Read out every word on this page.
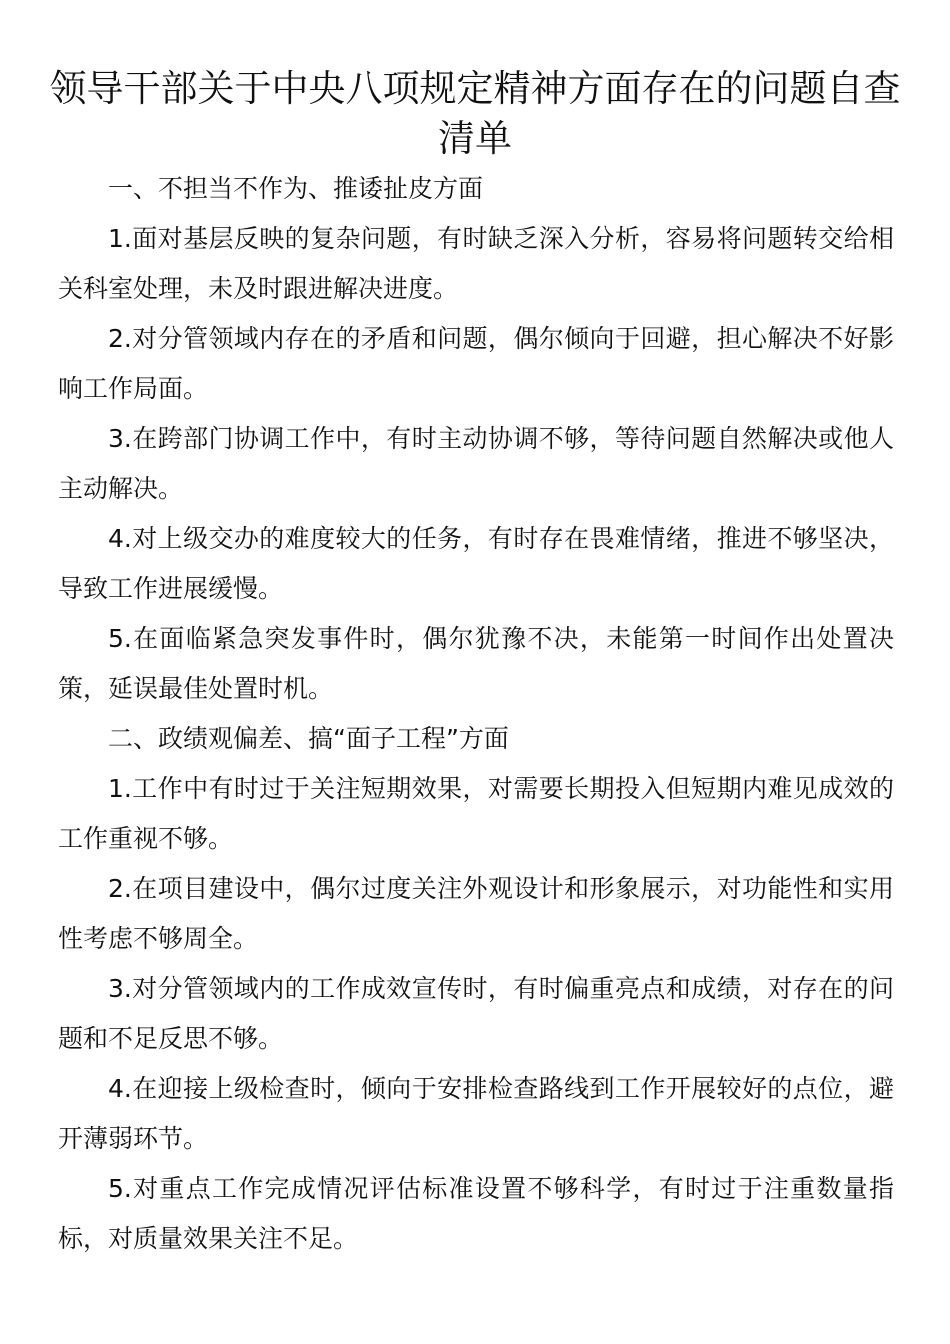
领导干部关于中央八项规定精神方面存在的问题自查清单

一、不担当不作为、推诿扯皮方面

1.面对基层反映的复杂问题，有时缺乏深入分析，容易将问题转交给相关科室处理，未及时跟进解决进度。

2.对分管领域内存在的矛盾和问题，偶尔倾向于回避，担心解决不好影响工作局面。

3.在跨部门协调工作中，有时主动协调不够，等待问题自然解决或他人主动解决。

4.对上级交办的难度较大的任务，有时存在畏难情绪，推进不够坚决，导致工作进展缓慢。

5.在面临紧急突发事件时，偶尔犹豫不决，未能第一时间作出处置决策，延误最佳处置时机。

二、政绩观偏差、搞“面子工程”方面

1.工作中有时过于关注短期效果，对需要长期投入但短期内难见成效的工作重视不够。

2.在项目建设中，偶尔过度关注外观设计和形象展示，对功能性和实用性考虑不够周全。

3.对分管领域内的工作成效宣传时，有时偏重亮点和成绩，对存在的问题和不足反思不够。

4.在迎接上级检查时，倾向于安排检查路线到工作开展较好的点位，避开薄弱环节。

5.对重点工作完成情况评估标准设置不够科学，有时过于注重数量指标，对质量效果关注不足。
